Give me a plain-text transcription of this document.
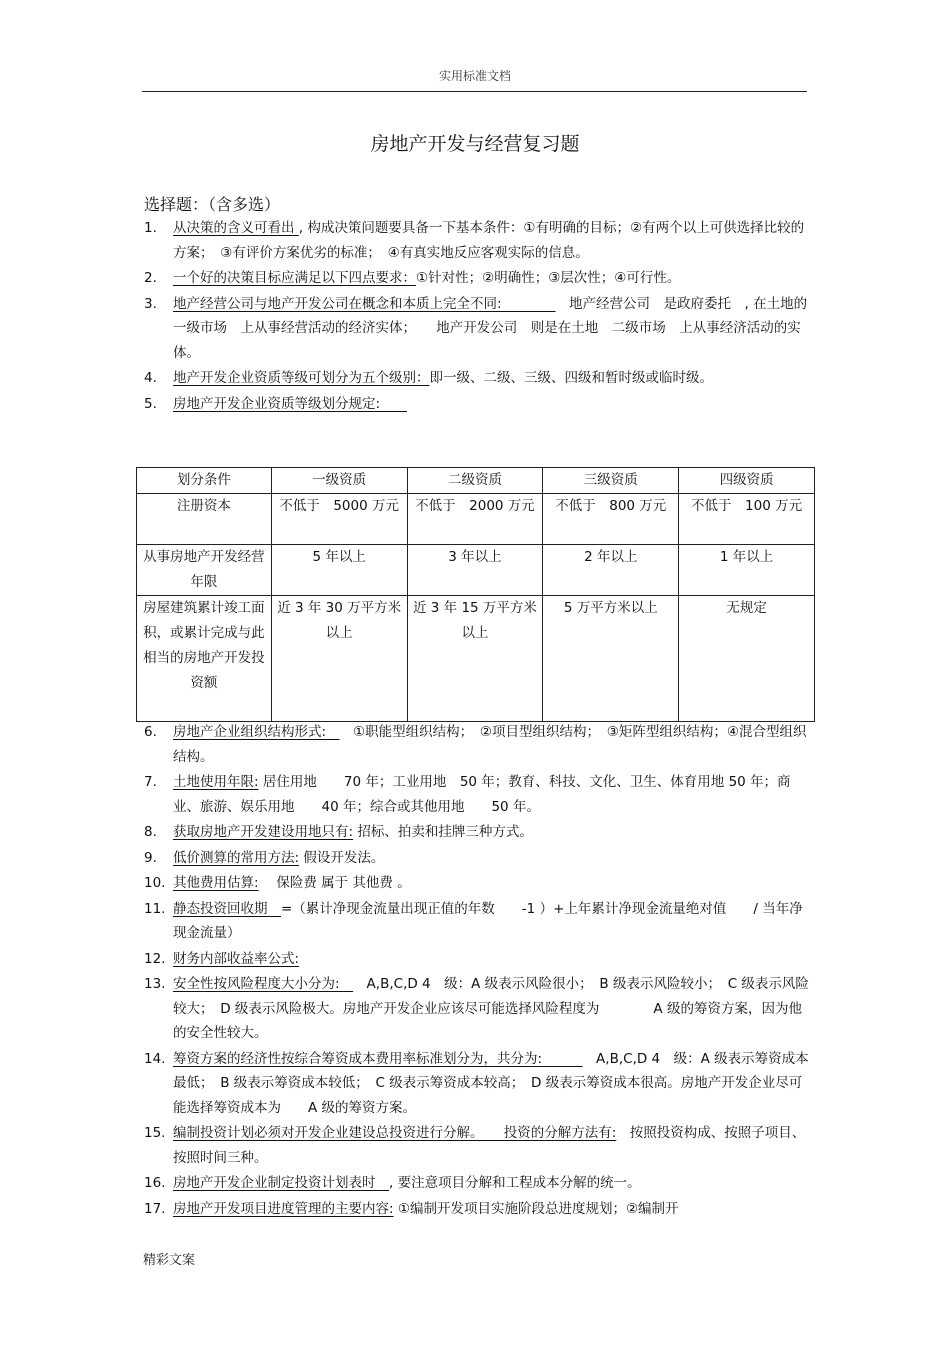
实用标准文档
房地产开发与经营复习题
选择题：（含多选）
1. 从决策的含义可看出 , 构成决策问题要具备一下基本条件：①有明确的目标；②有两个以上可供选择比较的方案；　③有评价方案优劣的标准；　④有真实地反应客观实际的信息。
2. 一个好的决策目标应满足以下四点要求：①针对性；②明确性；③层次性；④可行性。
3. 地产经营公司与地产开发公司在概念和本质上完全不同:　　　　　地产经营公司　是政府委托　, 在土地的　一级市场　上从事经营活动的经济实体；　　地产开发公司　则是在土地　二级市场　上从事经济活动的实体。
4. 地产开发企业资质等级可划分为五个级别：即一级、二级、三级、四级和暂时级或临时级。
5. 房地产开发企业资质等级划分规定:　　
划分条件	一级资质	二级资质	三级资质	四级资质
注册资本	不低于　5000 万元	不低于　2000 万元	不低于　800 万元	不低于　100 万元
从事房地产开发经营年限	5 年以上	3 年以上	2 年以上	1 年以上
房屋建筑累计竣工面积，或累计完成与此相当的房地产开发投资额	近 3 年 30 万平方米以上	近 3 年 15 万平方米以上	5 万平方米以上	无规定
6. 房地产企业组织结构形式:　　①职能型组织结构；　②项目型组织结构；　③矩阵型组织结构；④混合型组织结构。
7. 土地使用年限: 居住用地　　70 年；工业用地　50 年；教育、科技、文化、卫生、体育用地 50 年；商业、旅游、娱乐用地　　40 年；综合或其他用地　　50 年。
8. 获取房地产开发建设用地只有: 招标、拍卖和挂牌三种方式。
9. 低价测算的常用方法: 假设开发法。
10. 其他费用估算:　 保险费 属于 其他费 。
11. 静态投资回收期　=（累计净现金流量出现正值的年数　　-1 ）+上年累计净现金流量绝对值　　/ 当年净现金流量）
12. 财务内部收益率公式:
13. 安全性按风险程度大小分为:　　A,B,C,D 4　级：A 级表示风险很小；　B 级表示风险较小；　C 级表示风险较大；　D 级表示风险极大。房地产开发企业应该尽可能选择风险程度为　　　　A 级的筹资方案，因为他的安全性较大。
14. 筹资方案的经济性按综合筹资成本费用率标准划分为，共分为:　　　　A,B,C,D 4　级：A 级表示筹资成本最低；　B 级表示筹资成本较低；　C 级表示筹资成本较高；　D 级表示筹资成本很高。房地产开发企业尽可能选择筹资成本为　　A 级的筹资方案。
15. 编制投资计划必须对开发企业建设总投资进行分解。　　投资的分解方法有:　按照投资构成、按照子项目、按照时间三种。
16. 房地产开发企业制定投资计划表时　, 要注意项目分解和工程成本分解的统一。
17. 房地产开发项目进度管理的主要内容: ①编制开发项目实施阶段总进度规划；②编制开
精彩文案
